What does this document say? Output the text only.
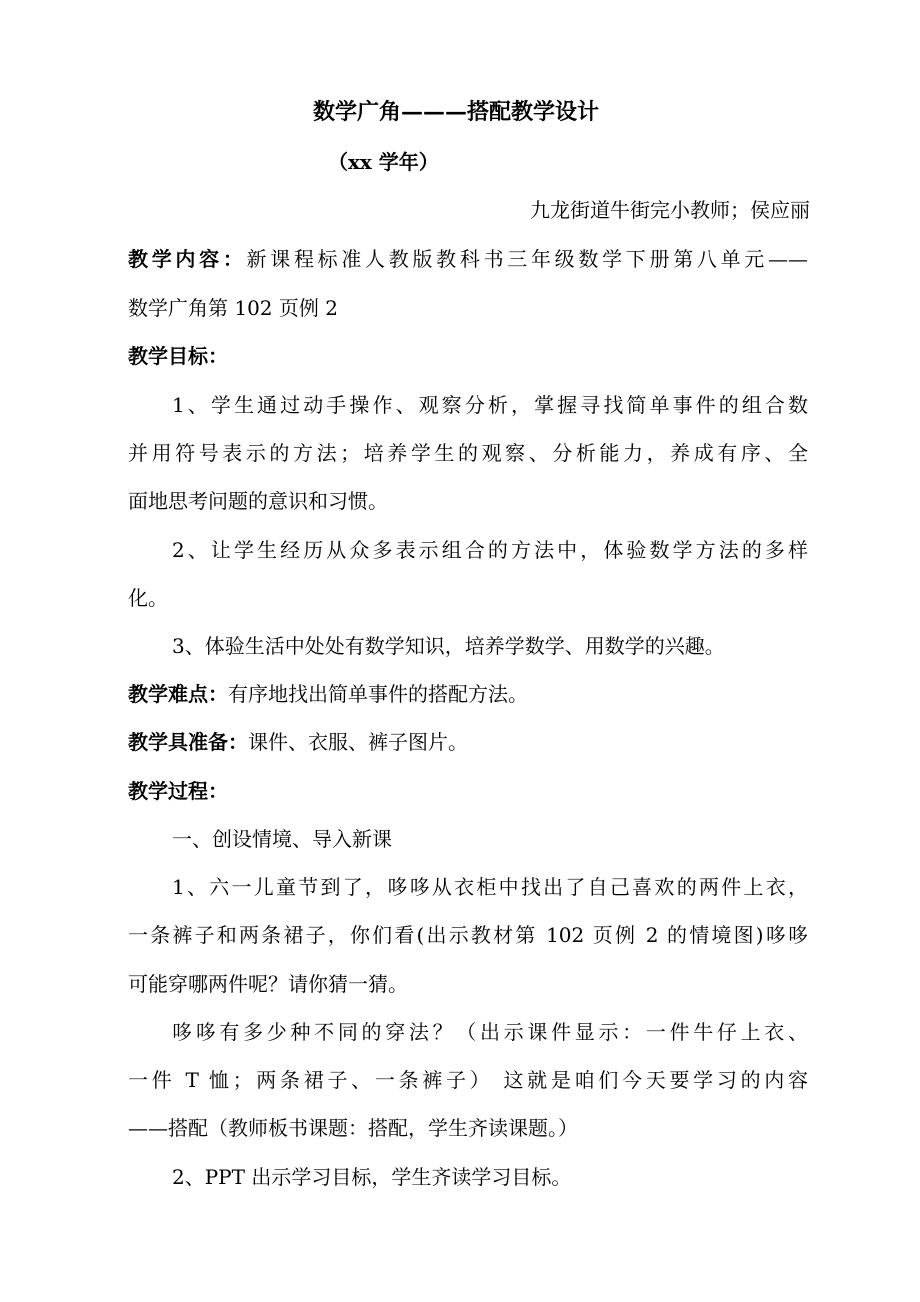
数学广角———搭配教学设计
（xx 学年）
九龙街道牛街完小教师；侯应丽
教学内容：新课程标准人教版教科书三年级数学下册第八单元——
数学广角第 102 页例 2
教学目标：
1、学生通过动手操作、观察分析，掌握寻找简单事件的组合数
并用符号表示的方法；培养学生的观察、分析能力，养成有序、全
面地思考问题的意识和习惯。
2、让学生经历从众多表示组合的方法中，体验数学方法的多样
化。
3、体验生活中处处有数学知识，培养学数学、用数学的兴趣。
教学难点：有序地找出简单事件的搭配方法。
教学具准备：课件、衣服、裤子图片。
教学过程：
一、创设情境、导入新课
1、六一儿童节到了，哆哆从衣柜中找出了自己喜欢的两件上衣，
一条裤子和两条裙子，你们看(出示教材第 102 页例 2 的情境图)哆哆
可能穿哪两件呢？请你猜一猜。
哆哆有多少种不同的穿法？（出示课件显示：一件牛仔上衣、
一件 T 恤；两条裙子、一条裤子） 这就是咱们今天要学习的内容
——搭配（教师板书课题：搭配，学生齐读课题。）
2、PPT 出示学习目标，学生齐读学习目标。
